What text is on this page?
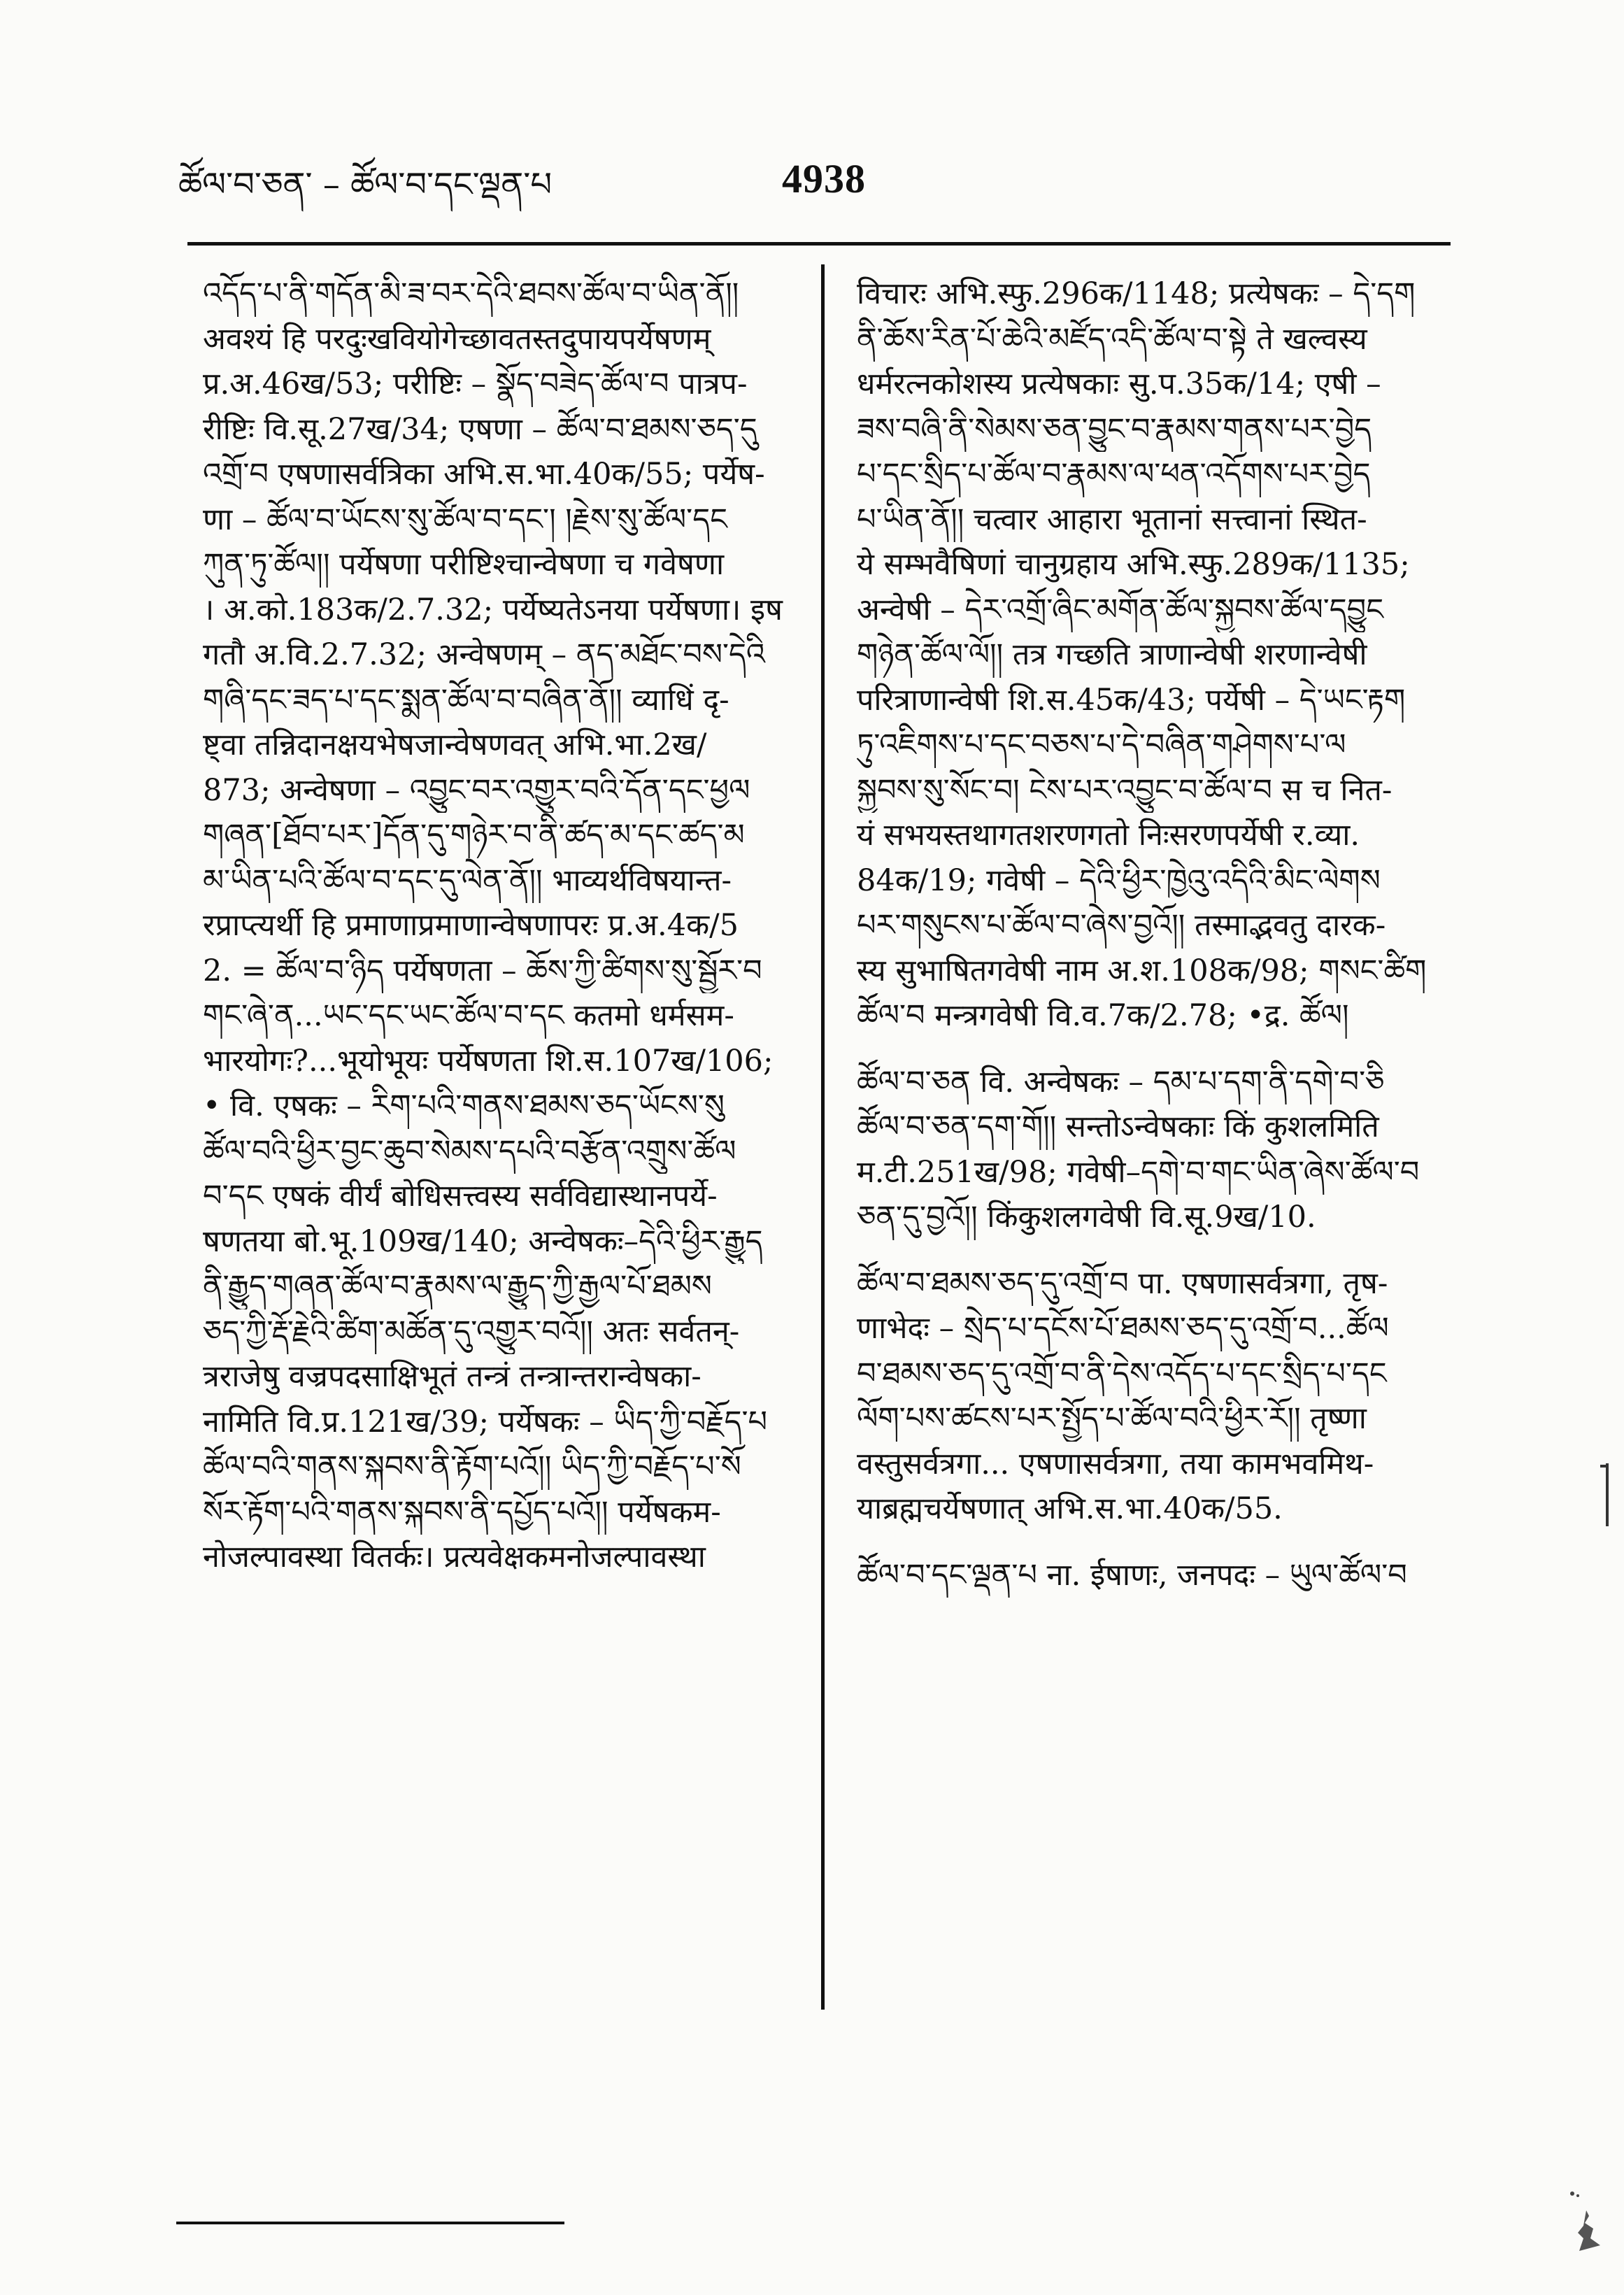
ཚོལ་བ་ཅན་ – ཚོལ་བ་དང་ལྡན་པ	4938
འདོད་པ་ནི་གདོན་མི་ཟ་བར་དེའི་ཐབས་ཚོལ་བ་ཡིན་ནོ།།
अवश्यं हि परदुःखवियोगेच्छावतस्तदुपायपर्येषणम्
प्र.अ.46ख/53; परीष्टिः – སྣོད་བཟེད་ཚོལ་བ पात्रप-
रीष्टिः वि.सू.27ख/34; एषणा – ཚོལ་བ་ཐམས་ཅད་དུ
འགྲོ་བ एषणासर्वत्रिका अभि.स.भा.40क/55; पर्येष-
णा – ཚོལ་བ་ཡོངས་སུ་ཚོལ་བ་དང་། །རྗེས་སུ་ཚོལ་དང
ཀུན་ཏུ་ཚོལ།། पर्येषणा परीष्टिश्चान्वेषणा च गवेषणा
। अ.को.183क/2.7.32; पर्येष्यतेऽनया पर्येषणा। इष
गतौ अ.वि.2.7.32; अन्वेषणम् – ནད་མཐོང་བས་དེའི
གཞི་དང་ཟད་པ་དང་སྨན་ཚོལ་བ་བཞིན་ནོ།། व्याधिं दृ-
ष्ट्वा तन्निदानक्षयभेषजान्वेषणवत् अभि.भा.2ख/
873; अन्वेषणा – འབྱུང་བར་འགྱུར་བའི་དོན་དང་ཕྱལ
གཞན་[ཐོབ་པར་]དོན་དུ་གཉེར་བ་ནི་ཚད་མ་དང་ཚད་མ
མ་ཡིན་པའི་ཚོལ་བ་དང་དུ་ལེན་ནོ།། भाव्यर्थविषयान्त-
रप्राप्त्यर्थी हि प्रमाणाप्रमाणान्वेषणापरः प्र.अ.4क/5
2. = ཚོལ་བ་ཉིད पर्येषणता – ཆོས་ཀྱི་ཚིགས་སུ་སྦྱོར་བ
གང་ཞེ་ན...ཡང་དང་ཡང་ཚོལ་བ་དང कतमो धर्मसम-
भारयोगः?...भूयोभूयः पर्येषणता शि.स.107ख/106;
• वि. एषकः – རིག་པའི་གནས་ཐམས་ཅད་ཡོངས་སུ
ཚོལ་བའི་ཕྱིར་བྱང་ཆུབ་སེམས་དཔའི་བརྩོན་འགྲུས་ཚོལ
བ་དང एषकं वीर्यं बोधिसत्त्वस्य सर्वविद्यास्थानपर्ये-
षणतया बो.भू.109ख/140; अन्वेषकः–དེའི་ཕྱིར་རྒྱུད
ནི་རྒྱུད་གཞན་ཚོལ་བ་རྣམས་ལ་རྒྱུད་ཀྱི་རྒྱལ་པོ་ཐམས
ཅད་ཀྱི་རྡོ་རྗེའི་ཚིག་མཚོན་དུ་འགྱུར་བའོ།། अतः सर्वतन्-
त्रराजेषु वज्रपदसाक्षिभूतं तन्त्रं तन्त्रान्तरान्वेषका-
नामिति वि.प्र.121ख/39; पर्येषकः – ཡིད་ཀྱི་བརྗོད་པ
ཚོལ་བའི་གནས་སྐབས་ནི་རྟོག་པའོ།། ཡིད་ཀྱི་བརྗོད་པ་སོ
སོར་རྟོག་པའི་གནས་སྐབས་ནི་དཔྱོད་པའོ།། पर्येषकम-
नोजल्पावस्था वितर्कः। प्रत्यवेक्षकमनोजल्पावस्था
विचारः अभि.स्फु.296क/1148; प्रत्येषकः – དེ་དག
ནི་ཆོས་རིན་པོ་ཆེའི་མཛོད་འདི་ཚོལ་བ་སྟེ ते खल्वस्य
धर्मरत्नकोशस्य प्रत्येषकाः सु.प.35क/14; एषी –
ཟས་བཞི་ནི་སེམས་ཅན་བྱུང་བ་རྣམས་གནས་པར་བྱེད
པ་དང་སྲིད་པ་ཚོལ་བ་རྣམས་ལ་ཕན་འདོགས་པར་བྱེད
པ་ཡིན་ནོ།། चत्वार आहारा भूतानां सत्त्वानां स्थित-
ये सम्भवैषिणां चानुग्रहाय अभि.स्फु.289क/1135;
अन्वेषी – དེར་འགྲོ་ཞིང་མགོན་ཚོལ་སྐྱབས་ཚོལ་དབྱུང
གཉེན་ཚོལ་ལོ།། तत्र गच्छति त्राणान्वेषी शरणान्वेषी
परित्राणान्वेषी शि.स.45क/43; पर्येषी – དེ་ཡང་རྟག
ཏུ་འཇིགས་པ་དང་བཅས་པ་དེ་བཞིན་གཤེགས་པ་ལ
སྐྱབས་སུ་སོང་བ། ངེས་པར་འབྱུང་བ་ཚོལ་བ स च नित-
यं सभयस्तथागतशरणगतो निःसरणपर्येषी र.व्या.
84क/19; गवेषी – དེའི་ཕྱིར་ཁྱེའུ་འདིའི་མིང་ལེགས
པར་གསུངས་པ་ཚོལ་བ་ཞེས་བྱའོ།། तस्माद्भवतु दारक-
स्य सुभाषितगवेषी नाम अ.श.108क/98; གསང་ཚིག
ཚོལ་བ मन्त्रगवेषी वि.व.7क/2.78; •द्र. ཚོལ།
ཚོལ་བ་ཅན वि. अन्वेषकः – དམ་པ་དག་ནི་དགེ་བ་ཅི
ཚོལ་བ་ཅན་དག་གོ།། सन्तोऽन्वेषकाः किं कुशलमिति
म.टी.251ख/98; गवेषी–དགེ་བ་གང་ཡིན་ཞེས་ཚོལ་བ
ཅན་དུ་བྱའོ།། किंकुशलगवेषी वि.सू.9ख/10.
ཚོལ་བ་ཐམས་ཅད་དུ་འགྲོ་བ पा. एषणासर्वत्रगा, तृष-
णाभेदः – སྲེད་པ་དངོས་པོ་ཐམས་ཅད་དུ་འགྲོ་བ...ཚོལ
བ་ཐམས་ཅད་དུ་འགྲོ་བ་ནི་དེས་འདོད་པ་དང་སྲིད་པ་དང
ལོག་པས་ཚངས་པར་སྤྱོད་པ་ཚོལ་བའི་ཕྱིར་རོ།། तृष्णा
वस्तुसर्वत्रगा... एषणासर्वत्रगा, तया कामभवमिथ-
याब्रह्मचर्येषणात् अभि.स.भा.40क/55.
ཚོལ་བ་དང་ལྡན་པ ना. ईषाणः, जनपदः – ཡུལ་ཚོལ་བ
